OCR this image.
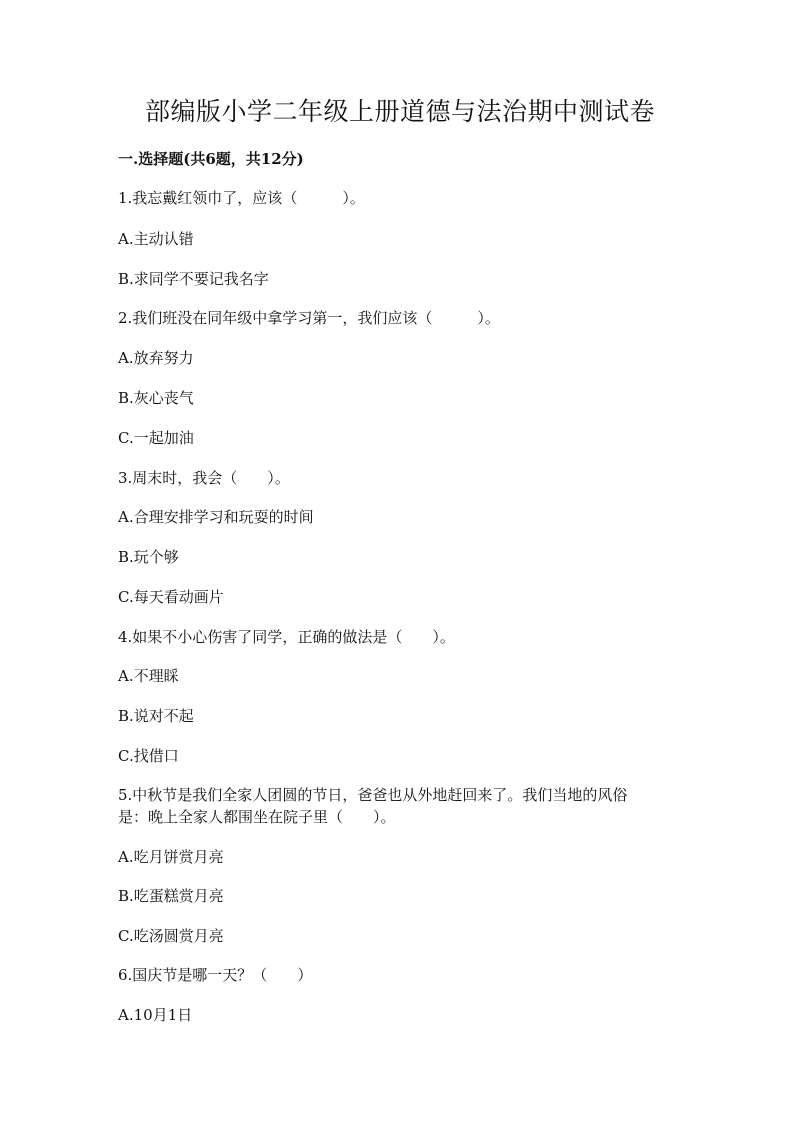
部编版小学二年级上册道德与法治期中测试卷
一.选择题(共6题，共12分)
1.我忘戴红领巾了，应该（　　　）。
A.主动认错
B.求同学不要记我名字
2.我们班没在同年级中拿学习第一，我们应该（　　　）。
A.放弃努力
B.灰心丧气
C.一起加油
3.周末时，我会（　　）。
A.合理安排学习和玩耍的时间
B.玩个够
C.每天看动画片
4.如果不小心伤害了同学，正确的做法是（　　）。
A.不理睬
B.说对不起
C.找借口
5.中秋节是我们全家人团圆的节日，爸爸也从外地赶回来了。我们当地的风俗
是：晚上全家人都围坐在院子里（　　）。
A.吃月饼赏月亮
B.吃蛋糕赏月亮
C.吃汤圆赏月亮
6.国庆节是哪一天？（　　）
A.10月1日
